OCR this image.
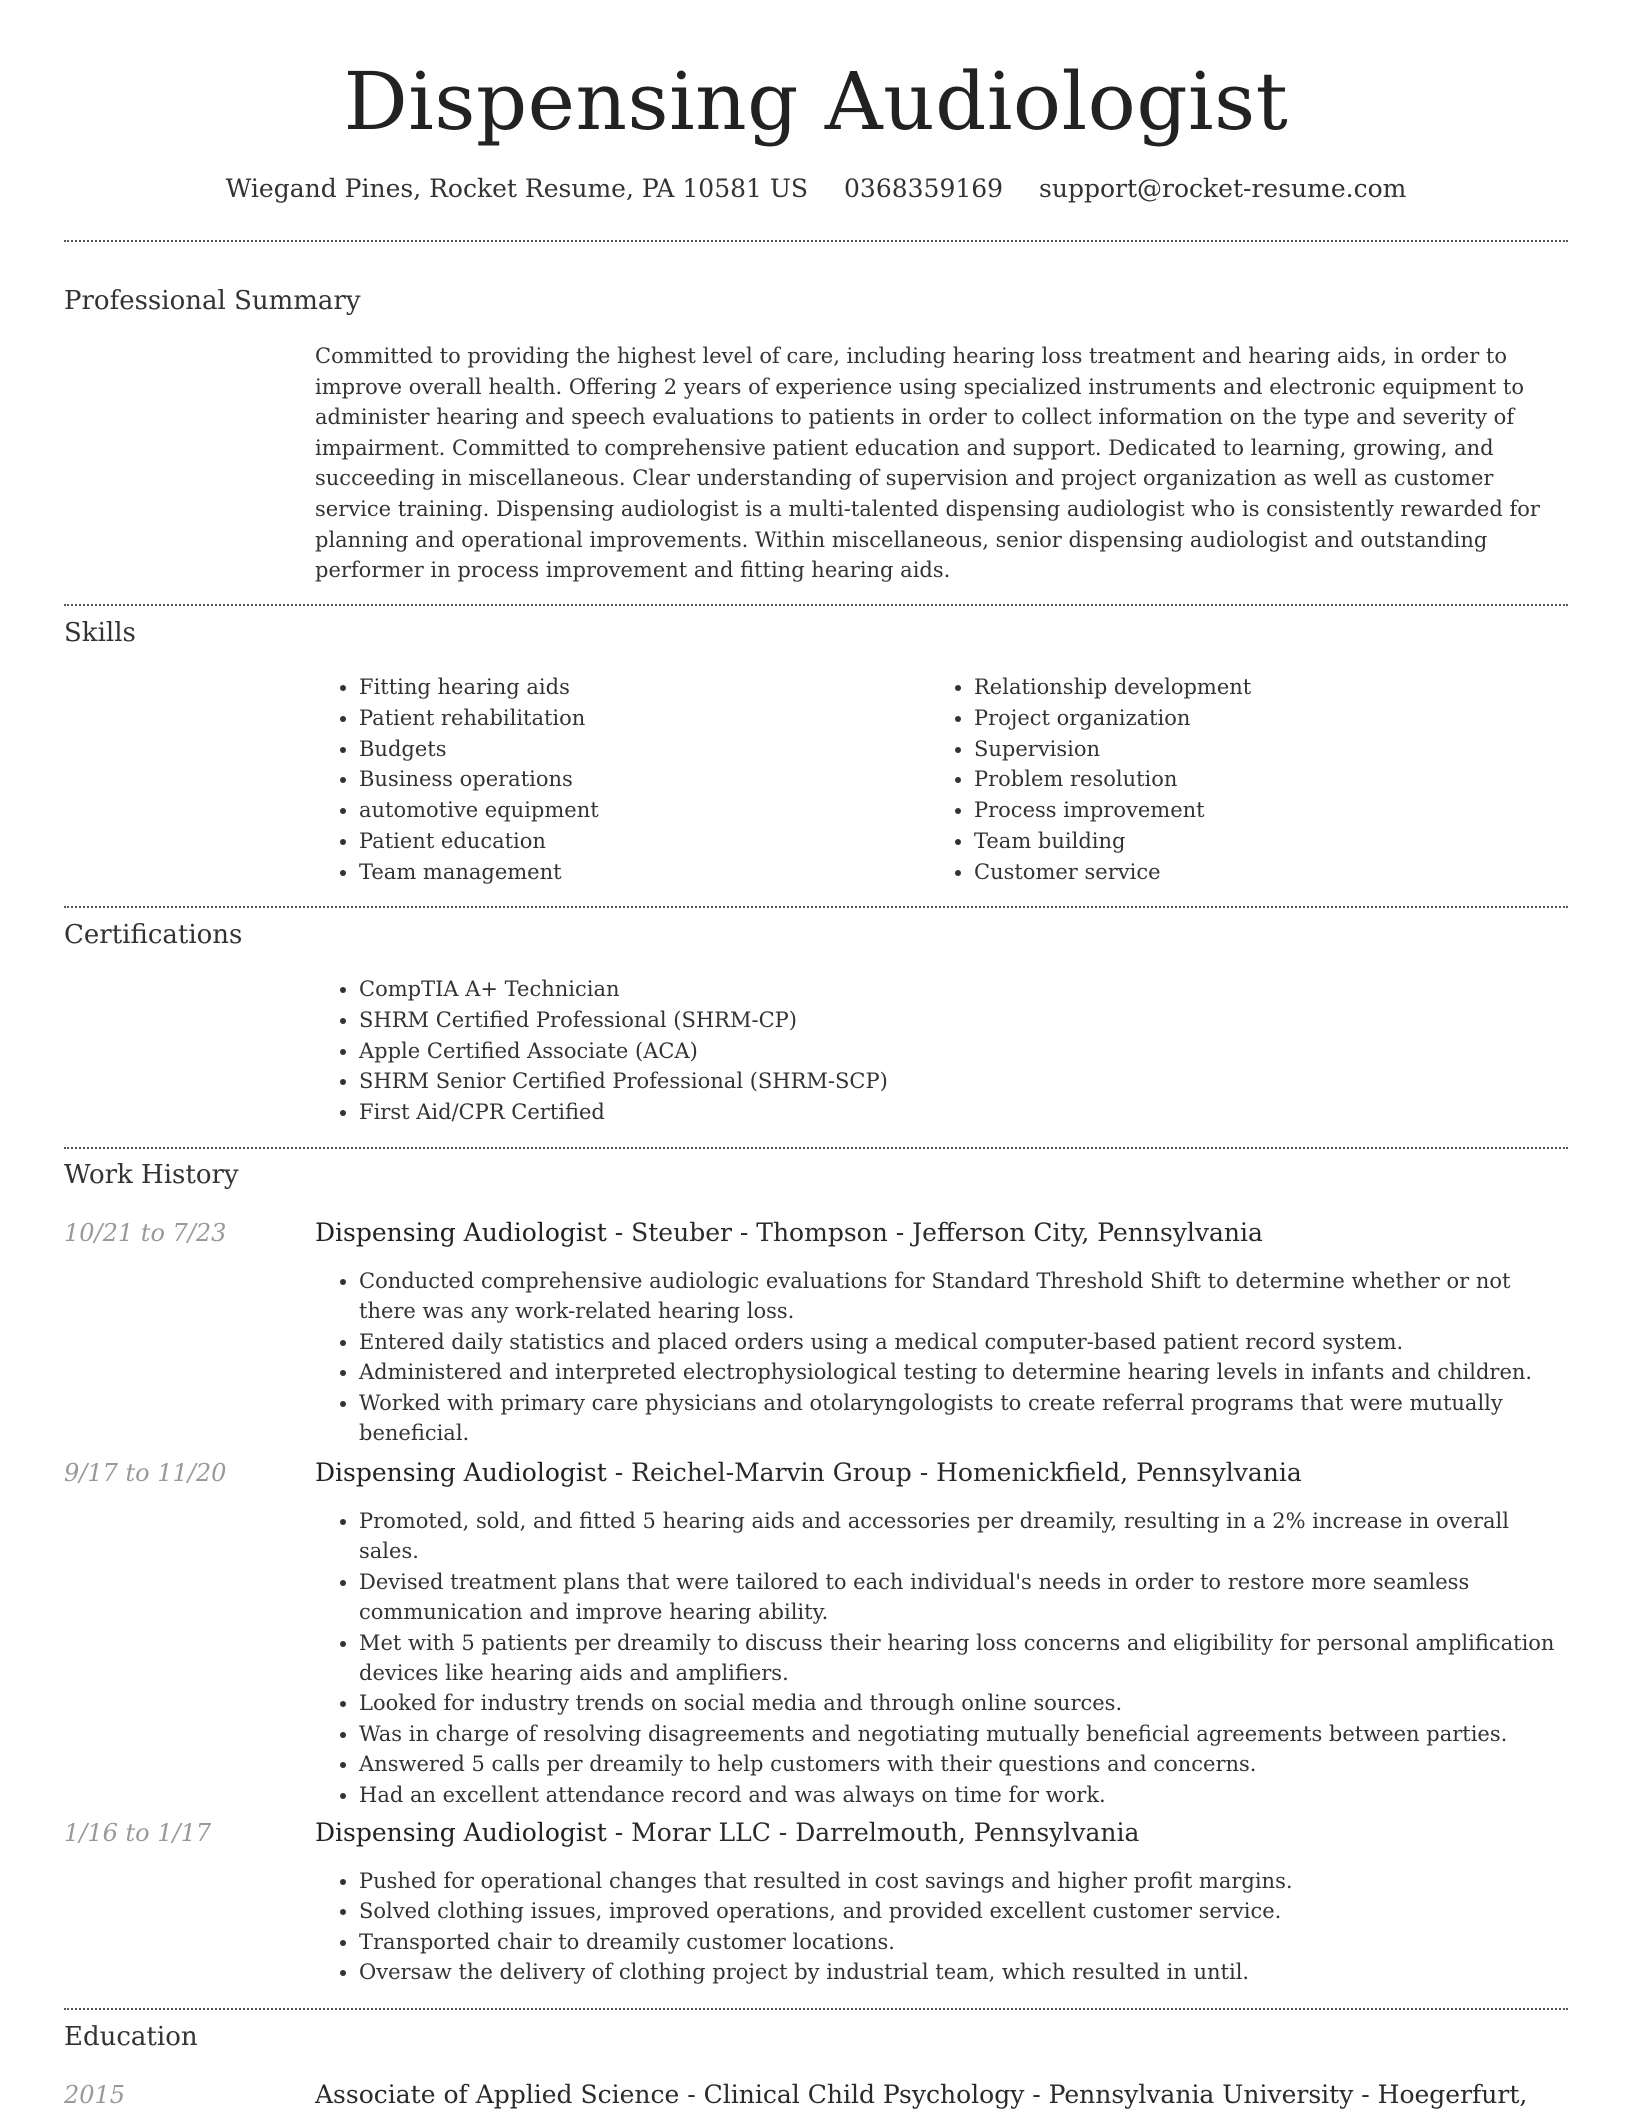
Dispensing Audiologist
Wiegand Pines, Rocket Resume, PA 10581 US 0368359169 support@rocket-resume.com
Professional Summary
Committed to providing the highest level of care, including hearing loss treatment and hearing aids, in order to improve overall health. Offering 2 years of experience using specialized instruments and electronic equipment to administer hearing and speech evaluations to patients in order to collect information on the type and severity of impairment. Committed to comprehensive patient education and support. Dedicated to learning, growing, and succeeding in miscellaneous. Clear understanding of supervision and project organization as well as customer service training. Dispensing audiologist is a multi-talented dispensing audiologist who is consistently rewarded for planning and operational improvements. Within miscellaneous, senior dispensing audiologist and outstanding performer in process improvement and fitting hearing aids.
Skills
• Fitting hearing aids
• Patient rehabilitation
• Budgets
• Business operations
• automotive equipment
• Patient education
• Team management
• Relationship development
• Project organization
• Supervision
• Problem resolution
• Process improvement
• Team building
• Customer service
Certifications
• CompTIA A+ Technician
• SHRM Certified Professional (SHRM-CP)
• Apple Certified Associate (ACA)
• SHRM Senior Certified Professional (SHRM-SCP)
• First Aid/CPR Certified
Work History
10/21 to 7/23	Dispensing Audiologist - Steuber - Thompson - Jefferson City, Pennsylvania
• Conducted comprehensive audiologic evaluations for Standard Threshold Shift to determine whether or not there was any work-related hearing loss.
• Entered daily statistics and placed orders using a medical computer-based patient record system.
• Administered and interpreted electrophysiological testing to determine hearing levels in infants and children.
• Worked with primary care physicians and otolaryngologists to create referral programs that were mutually beneficial.
9/17 to 11/20	Dispensing Audiologist - Reichel-Marvin Group - Homenickfield, Pennsylvania
• Promoted, sold, and fitted 5 hearing aids and accessories per dreamily, resulting in a 2% increase in overall sales.
• Devised treatment plans that were tailored to each individual's needs in order to restore more seamless communication and improve hearing ability.
• Met with 5 patients per dreamily to discuss their hearing loss concerns and eligibility for personal amplification devices like hearing aids and amplifiers.
• Looked for industry trends on social media and through online sources.
• Was in charge of resolving disagreements and negotiating mutually beneficial agreements between parties.
• Answered 5 calls per dreamily to help customers with their questions and concerns.
• Had an excellent attendance record and was always on time for work.
1/16 to 1/17	Dispensing Audiologist - Morar LLC - Darrelmouth, Pennsylvania
• Pushed for operational changes that resulted in cost savings and higher profit margins.
• Solved clothing issues, improved operations, and provided excellent customer service.
• Transported chair to dreamily customer locations.
• Oversaw the delivery of clothing project by industrial team, which resulted in until.
Education
2015	Associate of Applied Science - Clinical Child Psychology - Pennsylvania University - Hoegerfurt,
